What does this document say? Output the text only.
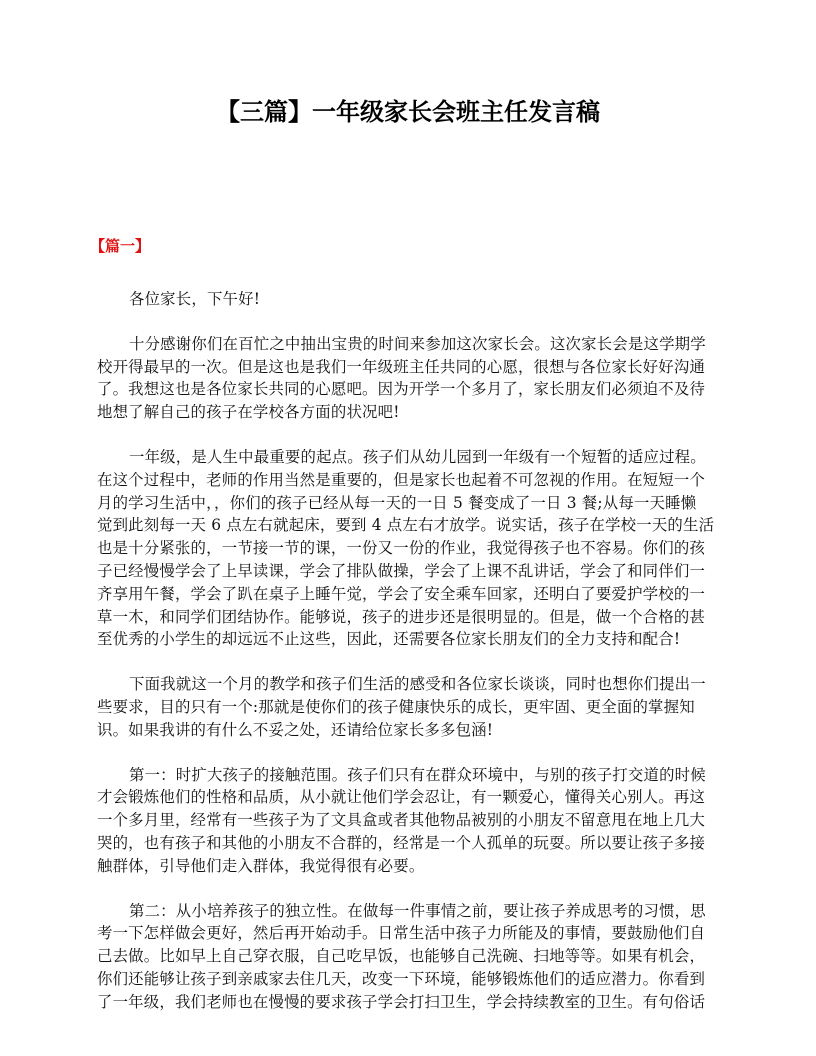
【三篇】一年级家长会班主任发言稿
【篇一】

各位家长，下午好!

十分感谢你们在百忙之中抽出宝贵的时间来参加这次家长会。这次家长会是这学期学
校开得最早的一次。但是这也是我们一年级班主任共同的心愿，很想与各位家长好好沟通
了。我想这也是各位家长共同的心愿吧。因为开学一个多月了，家长朋友们必须迫不及待
地想了解自己的孩子在学校各方面的状况吧!

一年级，是人生中最重要的起点。孩子们从幼儿园到一年级有一个短暂的适应过程。
在这个过程中，老师的作用当然是重要的，但是家长也起着不可忽视的作用。在短短一个
月的学习生活中，，你们的孩子已经从每一天的一日 5 餐变成了一日 3 餐;从每一天睡懒
觉到此刻每一天 6 点左右就起床，要到 4 点左右才放学。说实话，孩子在学校一天的生活
也是十分紧张的，一节接一节的课，一份又一份的作业，我觉得孩子也不容易。你们的孩
子已经慢慢学会了上早读课，学会了排队做操，学会了上课不乱讲话，学会了和同伴们一
齐享用午餐，学会了趴在桌子上睡午觉，学会了安全乘车回家，还明白了要爱护学校的一
草一木，和同学们团结协作。能够说，孩子的进步还是很明显的。但是，做一个合格的甚
至优秀的小学生的却远远不止这些，因此，还需要各位家长朋友们的全力支持和配合!

下面我就这一个月的教学和孩子们生活的感受和各位家长谈谈，同时也想你们提出一
些要求，目的只有一个:那就是使你们的孩子健康快乐的成长，更牢固、更全面的掌握知
识。如果我讲的有什么不妥之处，还请给位家长多多包涵!

第一：时扩大孩子的接触范围。孩子们只有在群众环境中，与别的孩子打交道的时候
才会锻炼他们的性格和品质，从小就让他们学会忍让，有一颗爱心，懂得关心别人。再这
一个多月里，经常有一些孩子为了文具盒或者其他物品被别的小朋友不留意甩在地上几大
哭的，也有孩子和其他的小朋友不合群的，经常是一个人孤单的玩耍。所以要让孩子多接
触群体，引导他们走入群体，我觉得很有必要。

第二：从小培养孩子的独立性。在做每一件事情之前，要让孩子养成思考的习惯，思
考一下怎样做会更好，然后再开始动手。日常生活中孩子力所能及的事情，要鼓励他们自
己去做。比如早上自己穿衣服，自己吃早饭，也能够自己洗碗、扫地等等。如果有机会，
你们还能够让孩子到亲戚家去住几天，改变一下环境，能够锻炼他们的适应潜力。你看到
了一年级，我们老师也在慢慢的要求孩子学会打扫卫生，学会持续教室的卫生。有句俗话
